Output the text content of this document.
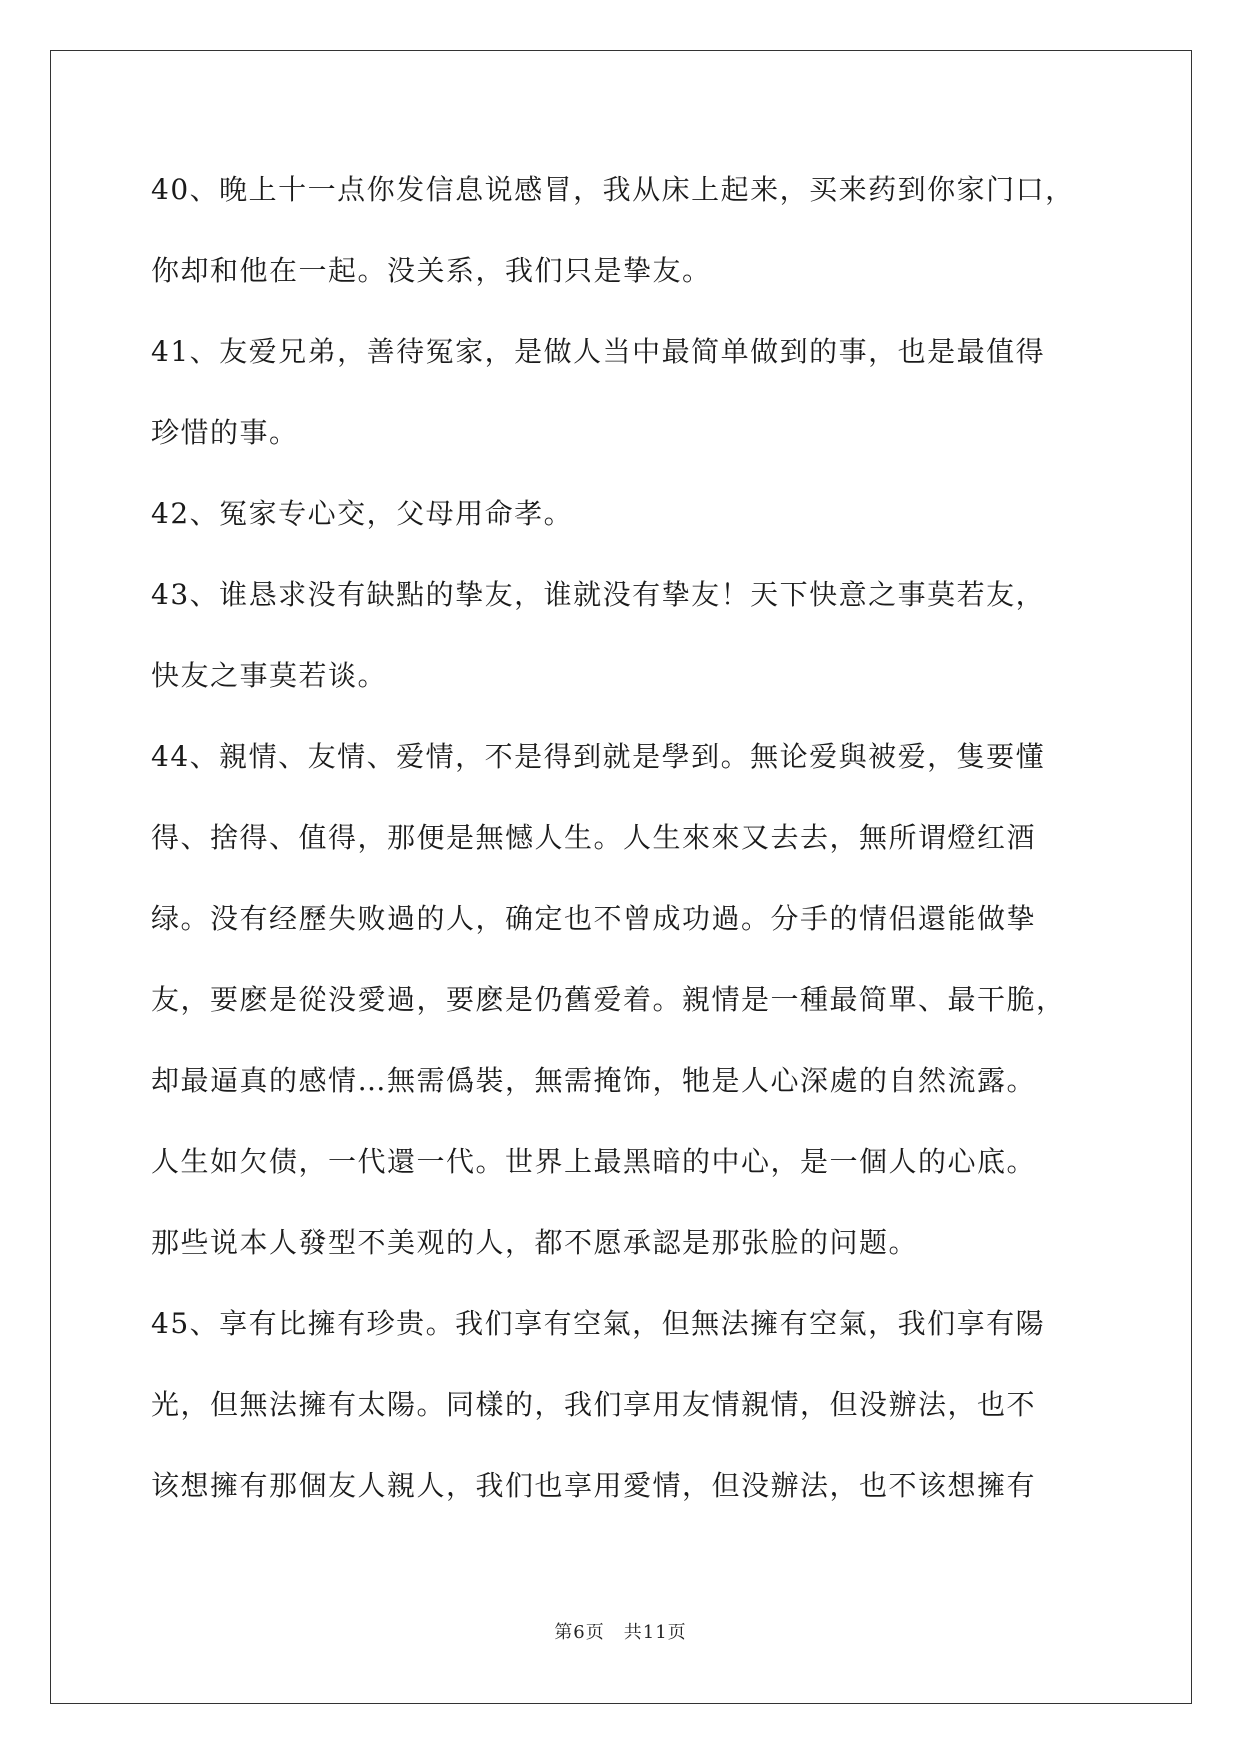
40、晚上十一点你发信息说感冒，我从床上起来，买来药到你家门口，
你却和他在一起。没关系，我们只是挚友。
41、友爱兄弟，善待冤家，是做人当中最简单做到的事，也是最值得
珍惜的事。
42、冤家专心交，父母用命孝。
43、谁恳求没有缺點的挚友，谁就没有挚友！天下快意之事莫若友，
快友之事莫若谈。
44、親情、友情、爱情，不是得到就是學到。無论爱與被爱，隻要懂
得、捨得、值得，那便是無憾人生。人生來來又去去，無所谓燈红酒
绿。没有经歷失败過的人，确定也不曾成功過。分手的情侣還能做挚
友，要麽是從没愛過，要麽是仍舊爱着。親情是一種最简單、最干脆，
却最逼真的感情…無需僞裝，無需掩饰，牠是人心深處的自然流露。
人生如欠债，一代還一代。世界上最黑暗的中心，是一個人的心底。
那些说本人發型不美观的人，都不愿承認是那张脸的问题。
45、享有比擁有珍贵。我们享有空氣，但無法擁有空氣，我们享有陽
光，但無法擁有太陽。同樣的，我们享用友情親情，但没辦法，也不
该想擁有那個友人親人，我们也享用愛情，但没辦法，也不该想擁有
第6页　共11页
